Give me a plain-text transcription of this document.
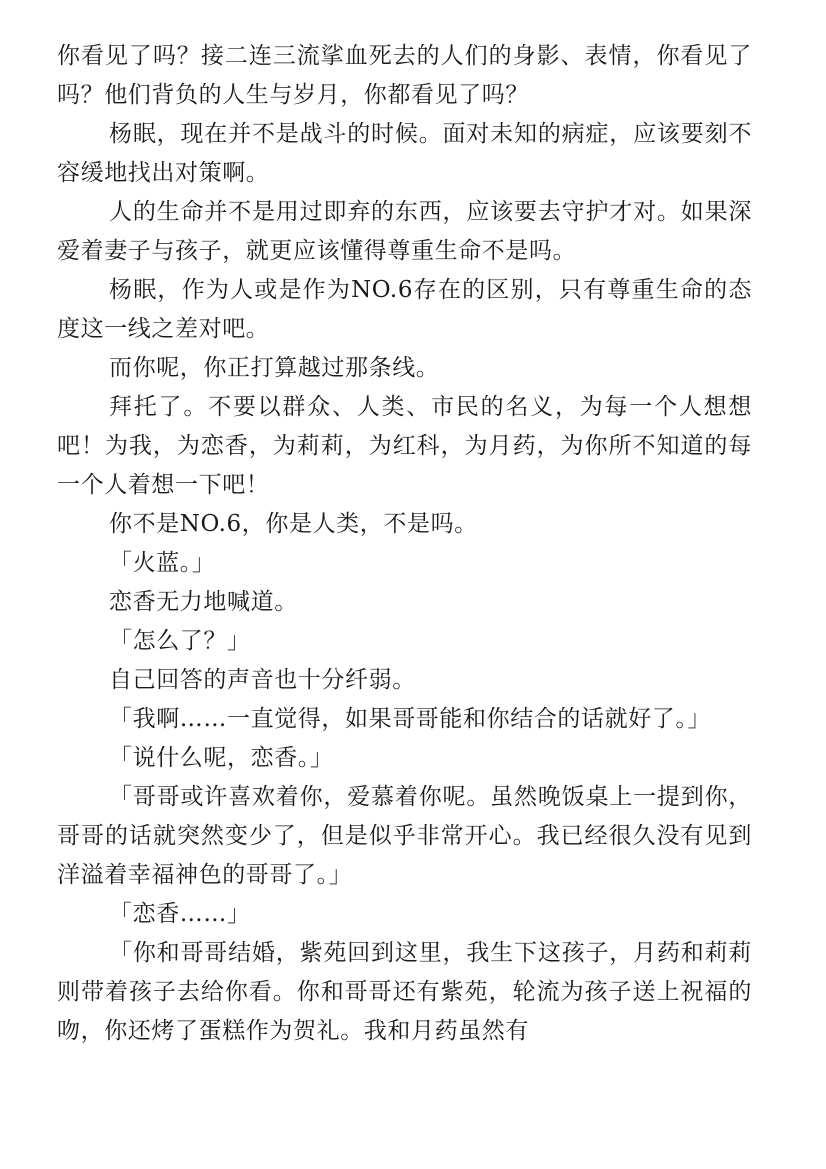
你看见了吗？接二连三流挲血死去的人们的身影、表情，你看见了吗？他们背负的人生与岁月，你都看见了吗？

杨眠，现在并不是战斗的时候。面对未知的病症，应该要刻不容缓地找出对策啊。

人的生命并不是用过即弃的东西，应该要去守护才对。如果深爱着妻子与孩子，就更应该懂得尊重生命不是吗。

杨眠，作为人或是作为NO.6存在的区别，只有尊重生命的态度这一线之差对吧。

而你呢，你正打算越过那条线。

拜托了。不要以群众、人类、市民的名义，为每一个人想想吧！为我，为恋香，为莉莉，为红科，为月药，为你所不知道的每一个人着想一下吧！

你不是NO.6，你是人类，不是吗。

「火蓝。」

恋香无力地喊道。

「怎么了？」

自己回答的声音也十分纤弱。

「我啊……一直觉得，如果哥哥能和你结合的话就好了。」

「说什么呢，恋香。」

「哥哥或许喜欢着你，爱慕着你呢。虽然晚饭桌上一提到你，哥哥的话就突然变少了，但是似乎非常开心。我已经很久没有见到洋溢着幸福神色的哥哥了。」

「恋香……」

「你和哥哥结婚，紫苑回到这里，我生下这孩子，月药和莉莉则带着孩子去给你看。你和哥哥还有紫苑，轮流为孩子送上祝福的吻，你还烤了蛋糕作为贺礼。我和月药虽然有
